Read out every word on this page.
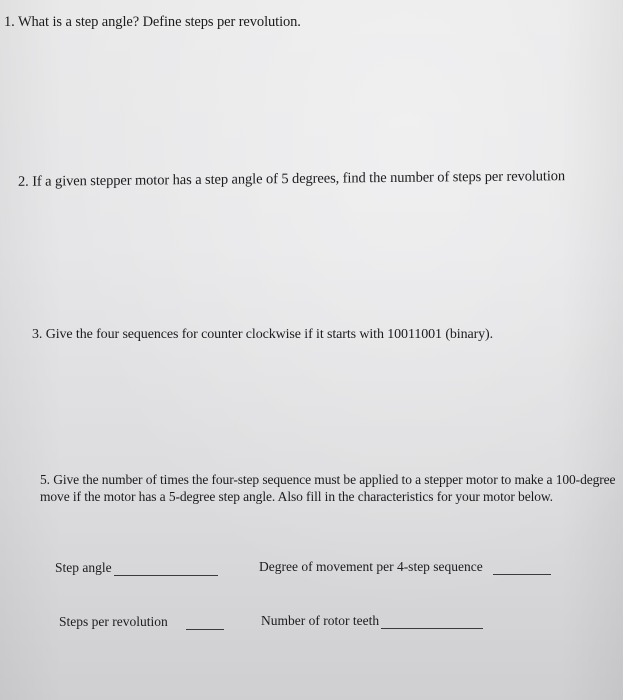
1. What is a step angle? Define steps per revolution.
2. If a given stepper motor has a step angle of 5 degrees, find the number of steps per revolution
3. Give the four sequences for counter clockwise if it starts with 10011001 (binary).
5. Give the number of times the four-step sequence must be applied to a stepper motor to make a 100-degree move if the motor has a 5-degree step angle. Also fill in the characteristics for your motor below.
Step angle	Degree of movement per 4-step sequence
Steps per revolution	Number of rotor teeth
